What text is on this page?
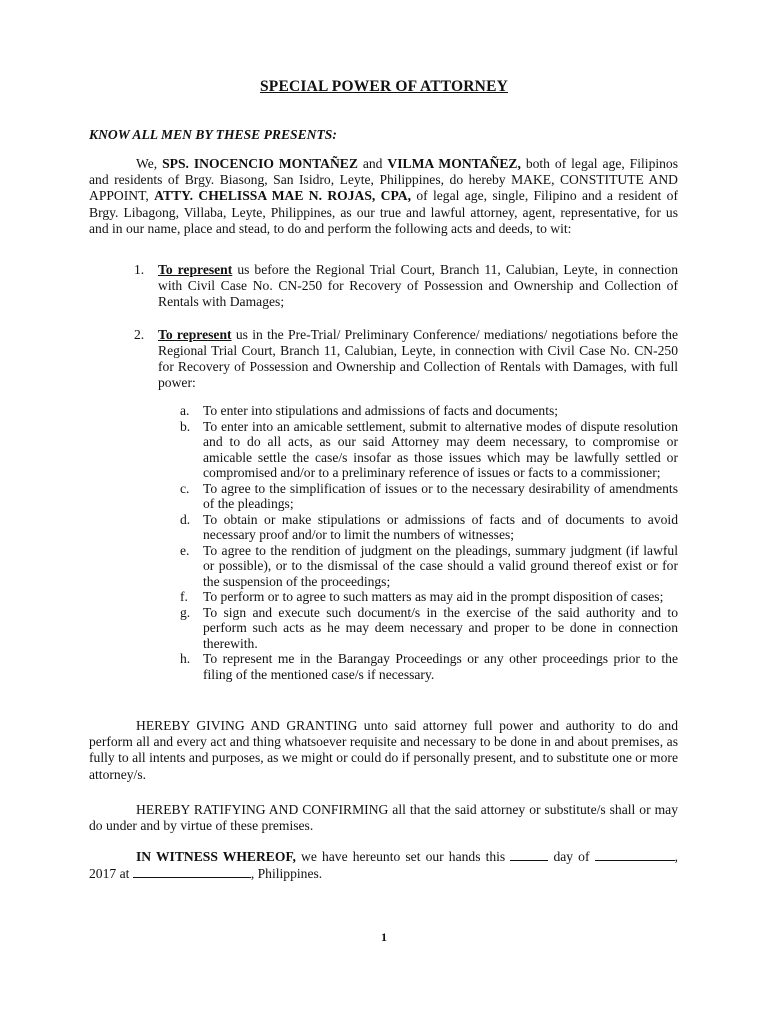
SPECIAL POWER OF ATTORNEY
KNOW ALL MEN BY THESE PRESENTS:
We, SPS. INOCENCIO MONTAÑEZ and VILMA MONTAÑEZ, both of legal age, Filipinos and residents of Brgy. Biasong, San Isidro, Leyte, Philippines, do hereby MAKE, CONSTITUTE AND APPOINT, ATTY. CHELISSA MAE N. ROJAS, CPA, of legal age, single, Filipino and a resident of Brgy. Libagong, Villaba, Leyte, Philippines, as our true and lawful attorney, agent, representative, for us and in our name, place and stead, to do and perform the following acts and deeds, to wit:
1. To represent us before the Regional Trial Court, Branch 11, Calubian, Leyte, in connection with Civil Case No. CN-250 for Recovery of Possession and Ownership and Collection of Rentals with Damages;
2. To represent us in the Pre-Trial/ Preliminary Conference/ mediations/ negotiations before the Regional Trial Court, Branch 11, Calubian, Leyte, in connection with Civil Case No. CN-250 for Recovery of Possession and Ownership and Collection of Rentals with Damages, with full power:
a. To enter into stipulations and admissions of facts and documents;
b. To enter into an amicable settlement, submit to alternative modes of dispute resolution and to do all acts, as our said Attorney may deem necessary, to compromise or amicable settle the case/s insofar as those issues which may be lawfully settled or compromised and/or to a preliminary reference of issues or facts to a commissioner;
c. To agree to the simplification of issues or to the necessary desirability of amendments of the pleadings;
d. To obtain or make stipulations or admissions of facts and of documents to avoid necessary proof and/or to limit the numbers of witnesses;
e. To agree to the rendition of judgment on the pleadings, summary judgment (if lawful or possible), or to the dismissal of the case should a valid ground thereof exist or for the suspension of the proceedings;
f. To perform or to agree to such matters as may aid in the prompt disposition of cases;
g. To sign and execute such document/s in the exercise of the said authority and to perform such acts as he may deem necessary and proper to be done in connection therewith.
h. To represent me in the Barangay Proceedings or any other proceedings prior to the filing of the mentioned case/s if necessary.
HEREBY GIVING AND GRANTING unto said attorney full power and authority to do and perform all and every act and thing whatsoever requisite and necessary to be done in and about premises, as fully to all intents and purposes, as we might or could do if personally present, and to substitute one or more attorney/s.
HEREBY RATIFYING AND CONFIRMING all that the said attorney or substitute/s shall or may do under and by virtue of these premises.
IN WITNESS WHEREOF, we have hereunto set our hands this	day of	, 2017 at	, Philippines.
1
